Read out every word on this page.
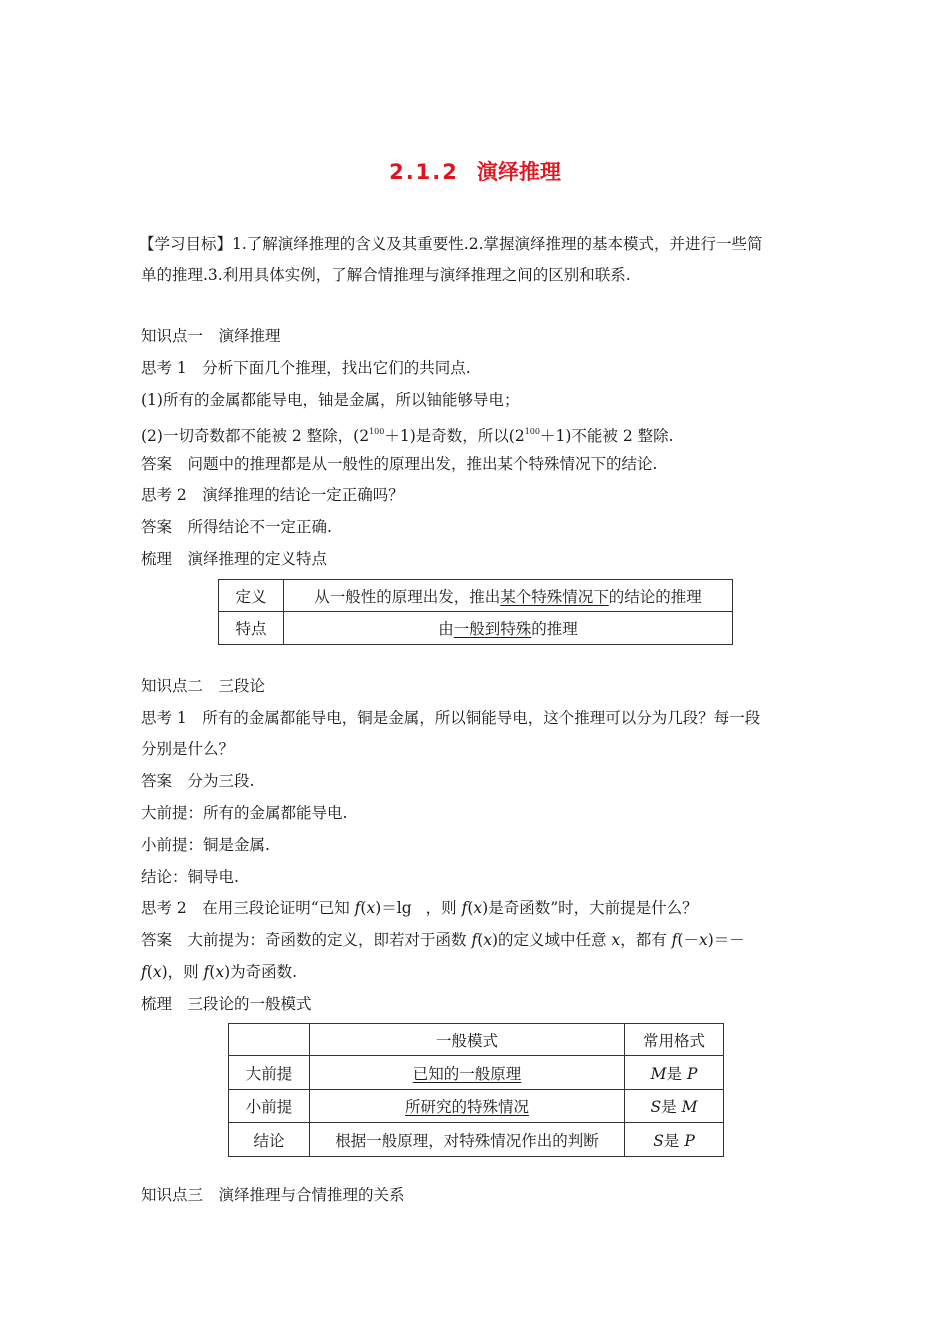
2.1.2 演绎推理
【学习目标】1.了解演绎推理的含义及其重要性.2.掌握演绎推理的基本模式，并进行一些简
单的推理.3.利用具体实例，了解合情推理与演绎推理之间的区别和联系.
知识点一　演绎推理
思考 1　分析下面几个推理，找出它们的共同点.
(1)所有的金属都能导电，铀是金属，所以铀能够导电；
(2)一切奇数都不能被 2 整除，$(2^{100}+1)$是奇数，所以$(2^{100}+1)$不能被 2 整除.
答案　问题中的推理都是从一般性的原理出发，推出某个特殊情况下的结论.
思考 2　演绎推理的结论一定正确吗？
答案　所得结论不一定正确.
梳理　演绎推理的定义特点
定义	从一般性的原理出发，推出某个特殊情况下的结论的推理
特点	由一般到特殊的推理
知识点二　三段论
思考 1　所有的金属都能导电，铜是金属，所以铜能导电，这个推理可以分为几段？每一段
分别是什么？
答案　分为三段.
大前提：所有的金属都能导电.
小前提：铜是金属.
结论：铜导电.
思考 2　在用三段论证明“已知 f(x)＝lg ，则 f(x)是奇函数”时，大前提是什么？
答案　大前提为：奇函数的定义，即若对于函数 f(x)的定义域中任意 x，都有 f(－x)＝－
f(x)，则 f(x)为奇函数.
梳理　三段论的一般模式
	一般模式	常用格式
大前提	已知的一般原理	M是 P
小前提	所研究的特殊情况	S是 M
结论	根据一般原理，对特殊情况作出的判断	S是 P
知识点三　演绎推理与合情推理的关系
